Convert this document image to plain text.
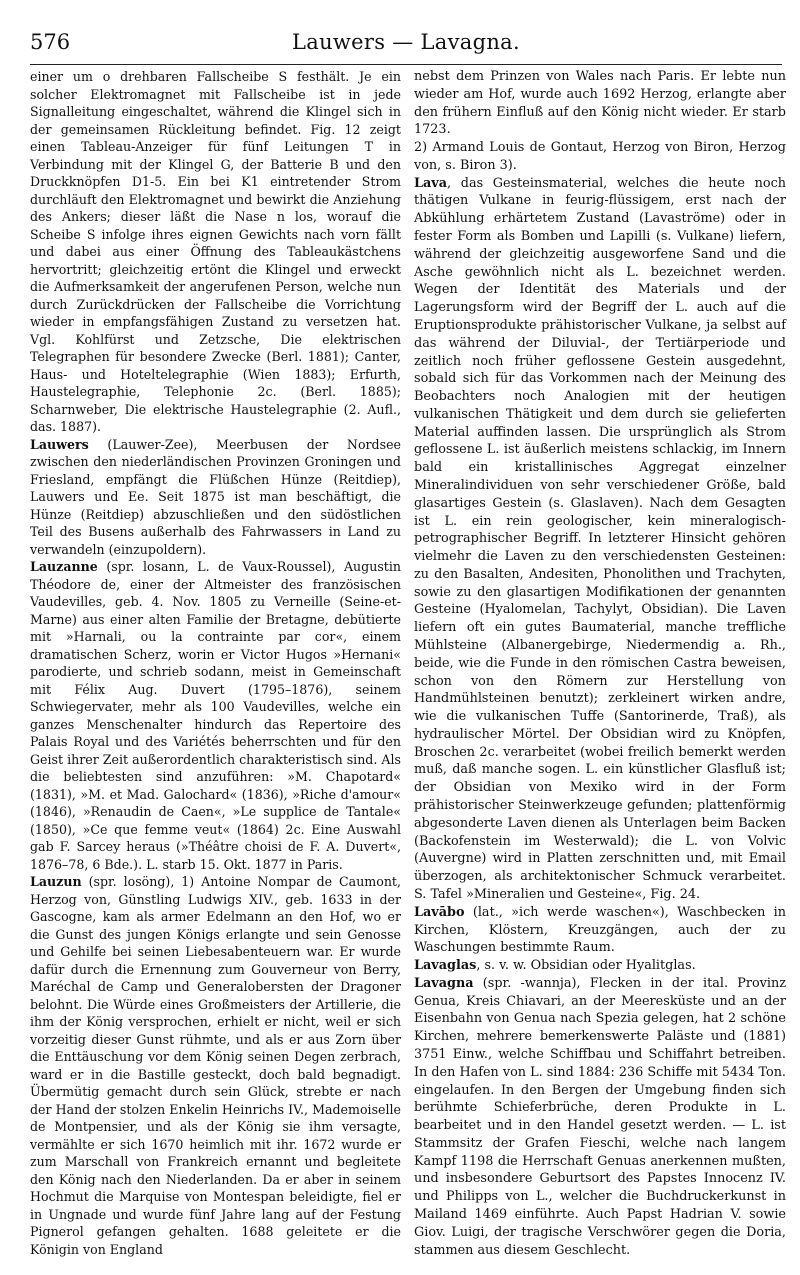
576	Lauwers — Lavagna.

einer um o drehbaren Fallscheibe S festhält. Je ein solcher Elektromagnet mit Fallscheibe ist in jede Signalleitung eingeschaltet, während die Klingel sich in der gemeinsamen Rückleitung befindet. Fig. 12 zeigt einen Tableau-Anzeiger für fünf Leitungen T in Verbindung mit der Klingel G, der Batterie B und den Druckknöpfen D1-5. Ein bei K1 eintretender Strom durchläuft den Elektromagnet und bewirkt die Anziehung des Ankers; dieser läßt die Nase n los, worauf die Scheibe S infolge ihres eignen Gewichts nach vorn fällt und dabei aus einer Öffnung des Tableaukästchens hervortritt; gleichzeitig ertönt die Klingel und erweckt die Aufmerksamkeit der angerufenen Person, welche nun durch Zurückdrücken der Fallscheibe die Vorrichtung wieder in empfangsfähigen Zustand zu versetzen hat. Vgl. Kohlfürst und Zetzsche, Die elektrischen Telegraphen für besondere Zwecke (Berl. 1881); Canter, Haus- und Hoteltelegraphie (Wien 1883); Erfurth, Haustelegraphie, Telephonie 2c. (Berl. 1885); Scharnweber, Die elektrische Haustelegraphie (2. Aufl., das. 1887).

Lauwers (Lauwer-Zee), Meerbusen der Nordsee zwischen den niederländischen Provinzen Groningen und Friesland, empfängt die Flüßchen Hünze (Reitdiep), Lauwers und Ee. Seit 1875 ist man beschäftigt, die Hünze (Reitdiep) abzuschließen und den südöstlichen Teil des Busens außerhalb des Fahrwassers in Land zu verwandeln (einzupoldern).

Lauzanne (spr. losann, L. de Vaux-Roussel), Augustin Théodore de, einer der Altmeister des französischen Vaudevilles, geb. 4. Nov. 1805 zu Verneille (Seine-et-Marne) aus einer alten Familie der Bretagne, debütierte mit »Harnali, ou la contrainte par cor«, einem dramatischen Scherz, worin er Victor Hugos »Hernani« parodierte, und schrieb sodann, meist in Gemeinschaft mit Félix Aug. Duvert (1795–1876), seinem Schwiegervater, mehr als 100 Vaudevilles, welche ein ganzes Menschenalter hindurch das Repertoire des Palais Royal und des Variétés beherrschten und für den Geist ihrer Zeit außerordentlich charakteristisch sind. Als die beliebtesten sind anzuführen: »M. Chapotard« (1831), »M. et Mad. Galochard« (1836), »Riche d'amour« (1846), »Renaudin de Caen«, »Le supplice de Tantale« (1850), »Ce que femme veut« (1864) 2c. Eine Auswahl gab F. Sarcey heraus (»Théâtre choisi de F. A. Duvert«, 1876–78, 6 Bde.). L. starb 15. Okt. 1877 in Paris.

Lauzun (spr. losöng), 1) Antoine Nompar de Caumont, Herzog von, Günstling Ludwigs XIV., geb. 1633 in der Gascogne, kam als armer Edelmann an den Hof, wo er die Gunst des jungen Königs erlangte und sein Genosse und Gehilfe bei seinen Liebesabenteuern war. Er wurde dafür durch die Ernennung zum Gouverneur von Berry, Maréchal de Camp und Generalobersten der Dragoner belohnt. Die Würde eines Großmeisters der Artillerie, die ihm der König versprochen, erhielt er nicht, weil er sich vorzeitig dieser Gunst rühmte, und als er aus Zorn über die Enttäuschung vor dem König seinen Degen zerbrach, ward er in die Bastille gesteckt, doch bald begnadigt. Übermütig gemacht durch sein Glück, strebte er nach der Hand der stolzen Enkelin Heinrichs IV., Mademoiselle de Montpensier, und als der König sie ihm versagte, vermählte er sich 1670 heimlich mit ihr. 1672 wurde er zum Marschall von Frankreich ernannt und begleitete den König nach den Niederlanden. Da er aber in seinem Hochmut die Marquise von Montespan beleidigte, fiel er in Ungnade und wurde fünf Jahre lang auf der Festung Pignerol gefangen gehalten. 1688 geleitete er die Königin von England

nebst dem Prinzen von Wales nach Paris. Er lebte nun wieder am Hof, wurde auch 1692 Herzog, erlangte aber den frühern Einfluß auf den König nicht wieder. Er starb 1723.

2) Armand Louis de Gontaut, Herzog von Biron, Herzog von, s. Biron 3).

Lava, das Gesteinsmaterial, welches die heute noch thätigen Vulkane in feurig-flüssigem, erst nach der Abkühlung erhärtetem Zustand (Lavaströme) oder in fester Form als Bomben und Lapilli (s. Vulkane) liefern, während der gleichzeitig ausgeworfene Sand und die Asche gewöhnlich nicht als L. bezeichnet werden. Wegen der Identität des Materials und der Lagerungsform wird der Begriff der L. auch auf die Eruptionsprodukte prähistorischer Vulkane, ja selbst auf das während der Diluvial-, der Tertiärperiode und zeitlich noch früher geflossene Gestein ausgedehnt, sobald sich für das Vorkommen nach der Meinung des Beobachters noch Analogien mit der heutigen vulkanischen Thätigkeit und dem durch sie gelieferten Material auffinden lassen. Die ursprünglich als Strom geflossene L. ist äußerlich meistens schlackig, im Innern bald ein kristallinisches Aggregat einzelner Mineralindividuen von sehr verschiedener Größe, bald glasartiges Gestein (s. Glaslaven). Nach dem Gesagten ist L. ein rein geologischer, kein mineralogisch-petrographischer Begriff. In letzterer Hinsicht gehören vielmehr die Laven zu den verschiedensten Gesteinen: zu den Basalten, Andesiten, Phonolithen und Trachyten, sowie zu den glasartigen Modifikationen der genannten Gesteine (Hyalomelan, Tachylyt, Obsidian). Die Laven liefern oft ein gutes Baumaterial, manche treffliche Mühlsteine (Albanergebirge, Niedermendig a. Rh., beide, wie die Funde in den römischen Castra beweisen, schon von den Römern zur Herstellung von Handmühlsteinen benutzt); zerkleinert wirken andre, wie die vulkanischen Tuffe (Santorinerde, Traß), als hydraulischer Mörtel. Der Obsidian wird zu Knöpfen, Broschen 2c. verarbeitet (wobei freilich bemerkt werden muß, daß manche sogen. L. ein künstlicher Glasfluß ist; der Obsidian von Mexiko wird in der Form prähistorischer Steinwerkzeuge gefunden; plattenförmig abgesonderte Laven dienen als Unterlagen beim Backen (Backofenstein im Westerwald); die L. von Volvic (Auvergne) wird in Platten zerschnitten und, mit Email überzogen, als architektonischer Schmuck verarbeitet. S. Tafel »Mineralien und Gesteine«, Fig. 24.

Lavābo (lat., »ich werde waschen«), Waschbecken in Kirchen, Klöstern, Kreuzgängen, auch der zu Waschungen bestimmte Raum.

Lavaglas, s. v. w. Obsidian oder Hyalitglas.

Lavagna (spr. -wannja), Flecken in der ital. Provinz Genua, Kreis Chiavari, an der Meeresküste und an der Eisenbahn von Genua nach Spezia gelegen, hat 2 schöne Kirchen, mehrere bemerkenswerte Paläste und (1881) 3751 Einw., welche Schiffbau und Schiffahrt betreiben. In den Hafen von L. sind 1884: 236 Schiffe mit 5434 Ton. eingelaufen. In den Bergen der Umgebung finden sich berühmte Schieferbrüche, deren Produkte in L. bearbeitet und in den Handel gesetzt werden. — L. ist Stammsitz der Grafen Fieschi, welche nach langem Kampf 1198 die Herrschaft Genuas anerkennen mußten, und insbesondere Geburtsort des Papstes Innocenz IV. und Philipps von L., welcher die Buchdruckerkunst in Mailand 1469 einführte. Auch Papst Hadrian V. sowie Giov. Luigi, der tragische Verschwörer gegen die Doria, stammen aus diesem Geschlecht.
